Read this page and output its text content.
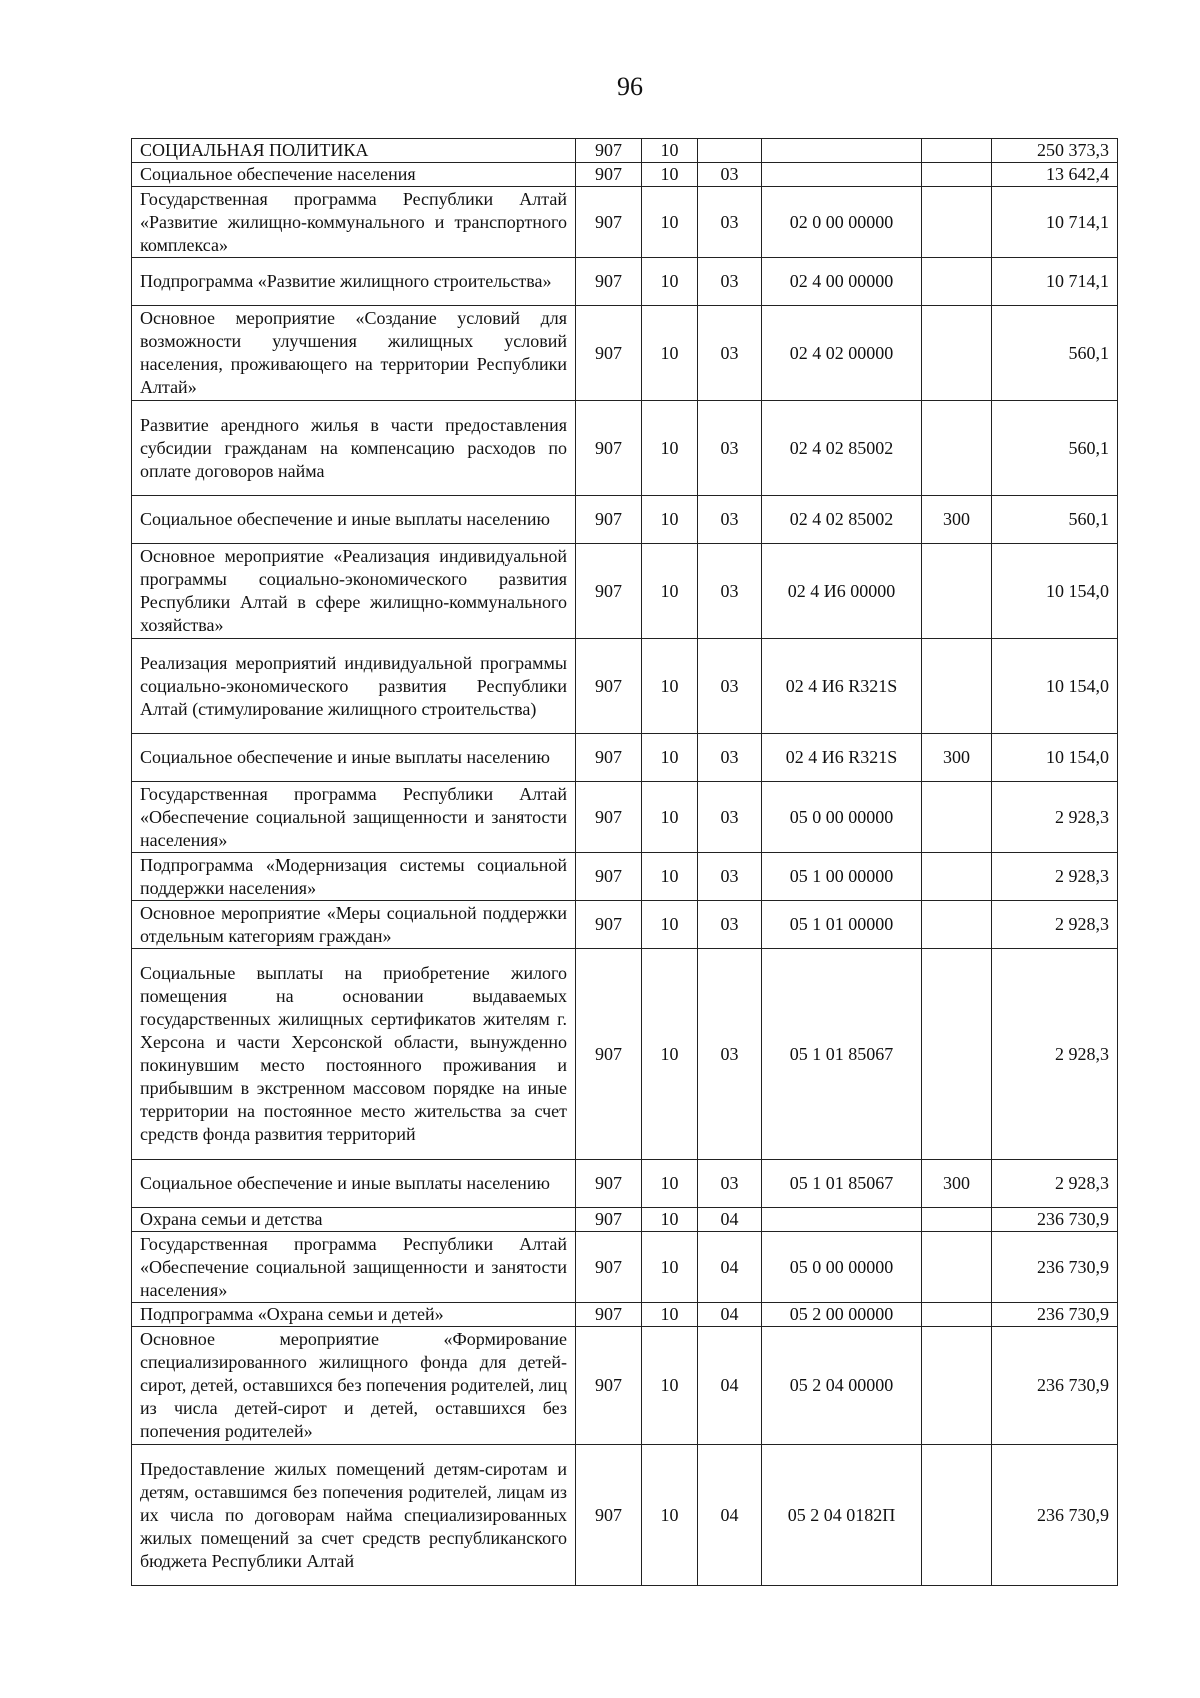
96
СОЦИАЛЬНАЯ ПОЛИТИКА	907	10				250 373,3
Социальное обеспечение населения	907	10	03			13 642,4
Государственная программа Республики Алтай «Развитие жилищно-коммунального и транспортного комплекса»	907	10	03	02 0 00 00000		10 714,1
Подпрограмма «Развитие жилищного строительства»	907	10	03	02 4 00 00000		10 714,1
Основное мероприятие «Создание условий для возможности улучшения жилищных условий населения, проживающего на территории Республики Алтай»	907	10	03	02 4 02 00000		560,1
Развитие арендного жилья в части предоставления субсидии гражданам на компенсацию расходов по оплате договоров найма	907	10	03	02 4 02 85002		560,1
Социальное обеспечение и иные выплаты населению	907	10	03	02 4 02 85002	300	560,1
Основное мероприятие «Реализация индивидуальной программы социально-экономического развития Республики Алтай в сфере жилищно-коммунального хозяйства»	907	10	03	02 4 И6 00000		10 154,0
Реализация мероприятий индивидуальной программы социально-экономического развития Республики Алтай (стимулирование жилищного строительства)	907	10	03	02 4 И6 R321S		10 154,0
Социальное обеспечение и иные выплаты населению	907	10	03	02 4 И6 R321S	300	10 154,0
Государственная программа Республики Алтай «Обеспечение социальной защищенности и занятости населения»	907	10	03	05 0 00 00000		2 928,3
Подпрограмма «Модернизация системы социальной поддержки населения»	907	10	03	05 1 00 00000		2 928,3
Основное мероприятие «Меры социальной поддержки отдельным категориям граждан»	907	10	03	05 1 01 00000		2 928,3
Социальные выплаты на приобретение жилого помещения на основании выдаваемых государственных жилищных сертификатов жителям г. Херсона и части Херсонской области, вынужденно покинувшим место постоянного проживания и прибывшим в экстренном массовом порядке на иные территории на постоянное место жительства за счет средств фонда развития территорий	907	10	03	05 1 01 85067		2 928,3
Социальное обеспечение и иные выплаты населению	907	10	03	05 1 01 85067	300	2 928,3
Охрана семьи и детства	907	10	04			236 730,9
Государственная программа Республики Алтай «Обеспечение социальной защищенности и занятости населения»	907	10	04	05 0 00 00000		236 730,9
Подпрограмма «Охрана семьи и детей»	907	10	04	05 2 00 00000		236 730,9
Основное мероприятие «Формирование специализированного жилищного фонда для детей-сирот, детей, оставшихся без попечения родителей, лиц из числа детей-сирот и детей, оставшихся без попечения родителей»	907	10	04	05 2 04 00000		236 730,9
Предоставление жилых помещений детям-сиротам и детям, оставшимся без попечения родителей, лицам из их числа по договорам найма специализированных жилых помещений за счет средств республиканского бюджета Республики Алтай	907	10	04	05 2 04 0182П		236 730,9
